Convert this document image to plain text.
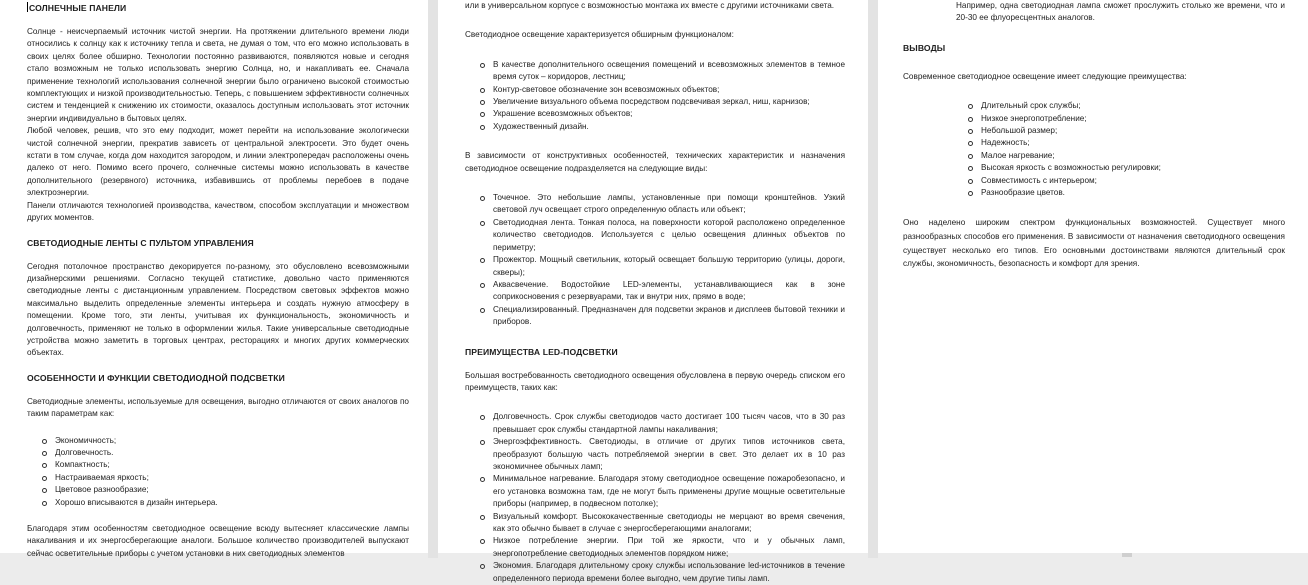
СОЛНЕЧНЫЕ ПАНЕЛИ

Солнце - неисчерпаемый источник чистой энергии. На протяжении длительного времени люди относились к солнцу как к источнику тепла и света, не думая о том, что его можно использовать в своих целях более обширно. Технологии постоянно развиваются, появляются новые и сегодня стало возможным не только использовать энергию Солнца, но, и накапливать ее. Сначала применение технологий использования солнечной энергии было ограничено высокой стоимостью комплектующих и низкой производительностью. Теперь, с повышением эффективности солнечных систем и тенденцией к снижению их стоимости, оказалось доступным использовать этот источник энергии индивидуально в бытовых целях.

Любой человек, решив, что это ему подходит, может перейти на использование экологически чистой солнечной энергии, прекратив зависеть от центральной электросети. Это будет очень кстати в том случае, когда дом находится загородом, и линии электропередач расположены очень далеко от него. Помимо всего прочего, солнечные системы можно использовать в качестве дополнительного (резервного) источника, избавившись от проблемы перебоев в подаче электроэнергии.

Панели отличаются технологией производства, качеством, способом эксплуатации и множеством других моментов.

СВЕТОДИОДНЫЕ ЛЕНТЫ С ПУЛЬТОМ УПРАВЛЕНИЯ

Сегодня потолочное пространство декорируется по-разному, это обусловлено всевозможными дизайнерскими решениями. Согласно текущей статистике, довольно часто применяются светодиодные ленты с дистанционным управлением. Посредством световых эффектов можно максимально выделить определенные элементы интерьера и создать нужную атмосферу в помещении. Кроме того, эти ленты, учитывая их функциональность, экономичность и долговечность, применяют не только в оформлении жилья. Такие универсальные светодиодные устройства можно заметить в торговых центрах, ресторациях и многих других коммерческих объектах.

ОСОБЕННОСТИ И ФУНКЦИИ СВЕТОДИОДНОЙ ПОДСВЕТКИ

Светодиодные элементы, используемые для освещения, выгодно отличаются от своих аналогов по таким параметрам как:

Экономичность;
Долговечность.
Компактность;
Настраиваемая яркость;
Цветовое разнообразие;
Хорошо вписываются в дизайн интерьера.

Благодаря этим особенностям светодиодное освещение всюду вытесняет классические лампы накаливания и их энергосберегающие аналоги. Большое количество производителей выпускают сейчас осветительные приборы с учетом установки в них светодиодных элементов

или в универсальном корпусе с возможностью монтажа их вместе с другими источниками света.

Светодиодное освещение характеризуется обширным функционалом:

В качестве дополнительного освещения помещений и всевозможных элементов в темное время суток – коридоров, лестниц;
Контур-световое обозначение зон всевозможных объектов;
Увеличение визуального объема посредством подсвечивая зеркал, ниш, карнизов;
Украшение всевозможных объектов;
Художественный дизайн.

В зависимости от конструктивных особенностей, технических характеристик и назначения светодиодное освещение подразделяется на следующие виды:

Точечное. Это небольшие лампы, установленные при помощи кронштейнов. Узкий световой луч освещает строго определенную область или объект;
Светодиодная лента. Тонкая полоса, на поверхности которой расположено определенное количество светодиодов. Используется с целью освещения длинных объектов по периметру;
Прожектор. Мощный светильник, который освещает большую территорию (улицы, дороги, скверы);
Аквасвечение. Водостойкие LED-элементы, устанавливающиеся как в зоне соприкосновения с резервуарами, так и внутри них, прямо в воде;
Специализированный. Предназначен для подсветки экранов и дисплеев бытовой техники и приборов.
ПРЕИМУЩЕСТВА LED-ПОДСВЕТКИ

Большая востребованность светодиодного освещения обусловлена в первую очередь списком его преимуществ, таких как:

Долговечность. Срок службы светодиодов часто достигает 100 тысяч часов, что в 30 раз превышает срок службы стандартной лампы накаливания;
Энергоэффективность. Светодиоды, в отличие от других типов источников света, преобразуют большую часть потребляемой энергии в свет. Это делает их в 10 раз экономичнее обычных ламп;
Минимальное нагревание. Благодаря этому светодиодное освещение пожаробезопасно, и его установка возможна там, где не могут быть применены другие мощные осветительные приборы (например, в подвесном потолке);
Визуальный комфорт. Высококачественные светодиоды не мерцают во время свечения, как это обычно бывает в случае с энергосберегающими аналогами;
Низкое потребление энергии. При той же яркости, что и у обычных ламп, энергопотребление светодиодных элементов порядком ниже;
Экономия. Благодаря длительному сроку службы использование led-источников в течение определенного периода времени более выгодно, чем другие типы ламп.
Например, одна светодиодная лампа сможет прослужить столько же времени, что и 20-30 ее флуоресцентных аналогов.
ВЫВОДЫ

Современное светодиодное освещение имеет следующие преимущества:

Длительный срок службы;
Низкое энергопотребление;
Небольшой размер;
Надежность;
Малое нагревание;
Высокая яркость с возможностью регулировки;
Совместимость с интерьером;
Разнообразие цветов.

Оно наделено широким спектром функциональных возможностей. Существует много разнообразных способов его применения. В зависимости от назначения светодиодного освещения существует несколько его типов. Его основными достоинствами являются длительный срок службы, экономичность, безопасность и комфорт для зрения.
